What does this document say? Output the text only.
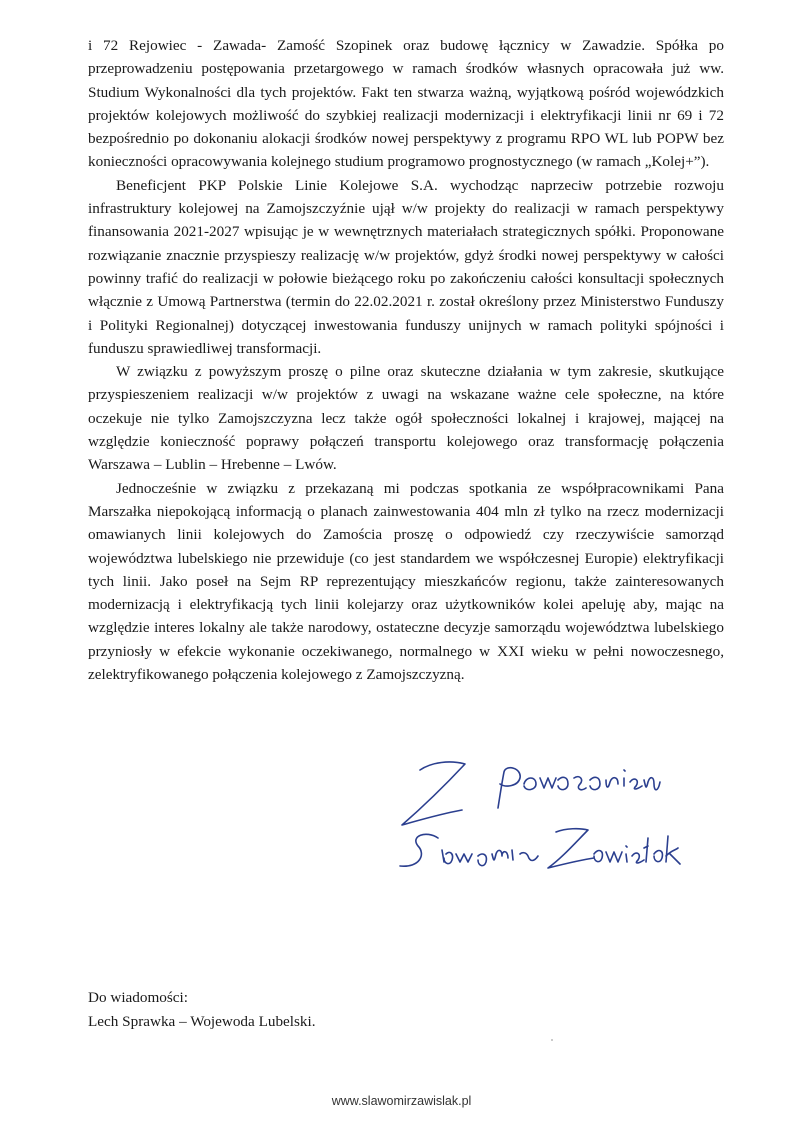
i 72 Rejowiec - Zawada- Zamość Szopinek oraz budowę łącznicy w Zawadzie. Spółka po przeprowadzeniu postępowania przetargowego w ramach środków własnych opracowała już ww. Studium Wykonalności dla tych projektów. Fakt ten stwarza ważną, wyjątkową pośród wojewódzkich projektów kolejowych możliwość do szybkiej realizacji modernizacji i elektryfikacji linii nr 69 i 72 bezpośrednio po dokonaniu alokacji środków nowej perspektywy z programu RPO WL lub POPW bez konieczności opracowywania kolejnego studium programowo prognostycznego (w ramach „Kolej+”).

Beneficjent PKP Polskie Linie Kolejowe S.A. wychodząc naprzeciw potrzebie rozwoju infrastruktury kolejowej na Zamojszczyźnie ujął w/w projekty do realizacji w ramach perspektywy finansowania 2021-2027 wpisując je w wewnętrznych materiałach strategicznych spółki. Proponowane rozwiązanie znacznie przyspieszy realizację w/w projektów, gdyż środki nowej perspektywy w całości powinny trafić do realizacji w połowie bieżącego roku po zakończeniu całości konsultacji społecznych włącznie z Umową Partnerstwa (termin do 22.02.2021 r. został określony przez Ministerstwo Funduszy i Polityki Regionalnej) dotyczącej inwestowania funduszy unijnych w ramach polityki spójności i funduszu sprawiedliwej transformacji.

W związku z powyższym proszę o pilne oraz skuteczne działania w tym zakresie, skutkujące przyspieszeniem realizacji w/w projektów z uwagi na wskazane ważne cele społeczne, na które oczekuje nie tylko Zamojszczyzna lecz także ogół społeczności lokalnej i krajowej, mającej na względzie konieczność poprawy połączeń transportu kolejowego oraz transformację połączenia Warszawa – Lublin – Hrebenne – Lwów.

Jednocześnie w związku z przekazaną mi podczas spotkania ze współpracownikami Pana Marszałka niepokojącą informacją o planach zainwestowania 404 mln zł tylko na rzecz modernizacji omawianych linii kolejowych do Zamościa proszę o odpowiedź czy rzeczywiście samorząd województwa lubelskiego nie przewiduje (co jest standardem we współczesnej Europie) elektryfikacji tych linii. Jako poseł na Sejm RP reprezentujący mieszkańców regionu, także zainteresowanych modernizacją i elektryfikacją tych linii kolejarzy oraz użytkowników kolei apeluję aby, mając na względzie interes lokalny ale także narodowy, ostateczne decyzje samorządu województwa lubelskiego przyniosły w efekcie wykonanie oczekiwanego, normalnego w XXI wieku w pełni nowoczesnego, zelektryfikowanego połączenia kolejowego z Zamojszczyzną.

Do wiadomości:
Lech Sprawka – Wojewoda Lubelski.
www.slawomirzawislak.pl
